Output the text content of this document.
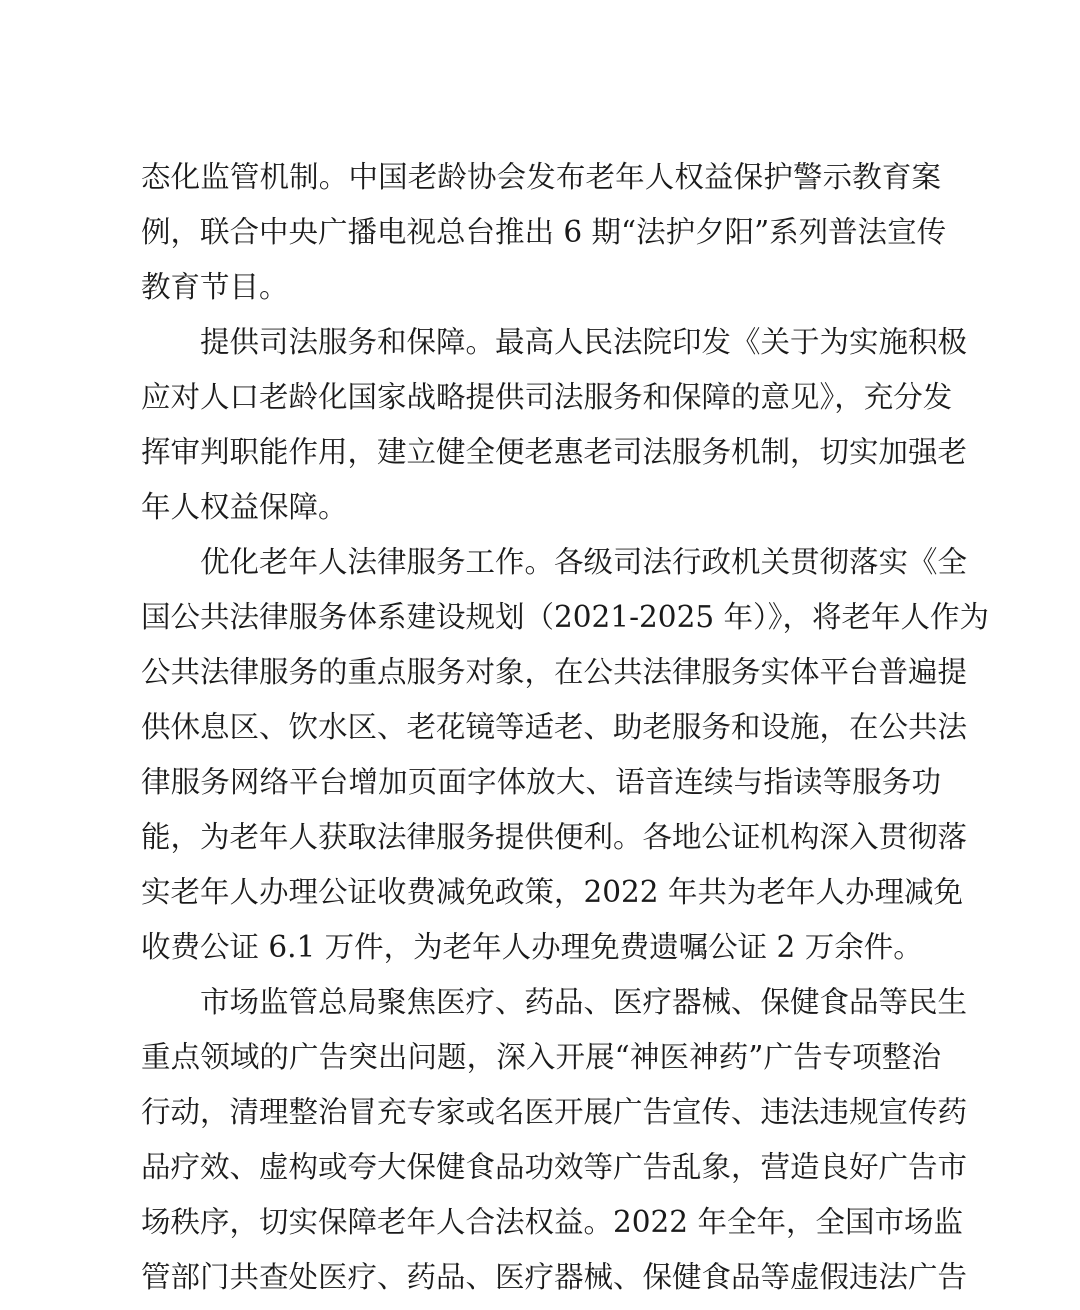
态化监管机制。中国老龄协会发布老年人权益保护警示教育案
例，联合中央广播电视总台推出 6 期“法护夕阳”系列普法宣传
教育节目。
提供司法服务和保障。最高人民法院印发《关于为实施积极
应对人口老龄化国家战略提供司法服务和保障的意见》，充分发
挥审判职能作用，建立健全便老惠老司法服务机制，切实加强老
年人权益保障。
优化老年人法律服务工作。各级司法行政机关贯彻落实《全
国公共法律服务体系建设规划（2021-2025 年）》，将老年人作为
公共法律服务的重点服务对象，在公共法律服务实体平台普遍提
供休息区、饮水区、老花镜等适老、助老服务和设施，在公共法
律服务网络平台增加页面字体放大、语音连续与指读等服务功
能，为老年人获取法律服务提供便利。各地公证机构深入贯彻落
实老年人办理公证收费减免政策，2022 年共为老年人办理减免
收费公证 6.1 万件，为老年人办理免费遗嘱公证 2 万余件。
市场监管总局聚焦医疗、药品、医疗器械、保健食品等民生
重点领域的广告突出问题，深入开展“神医神药”广告专项整治
行动，清理整治冒充专家或名医开展广告宣传、违法违规宣传药
品疗效、虚构或夸大保健食品功效等广告乱象，营造良好广告市
场秩序，切实保障老年人合法权益。2022 年全年，全国市场监
管部门共查处医疗、药品、医疗器械、保健食品等虚假违法广告
